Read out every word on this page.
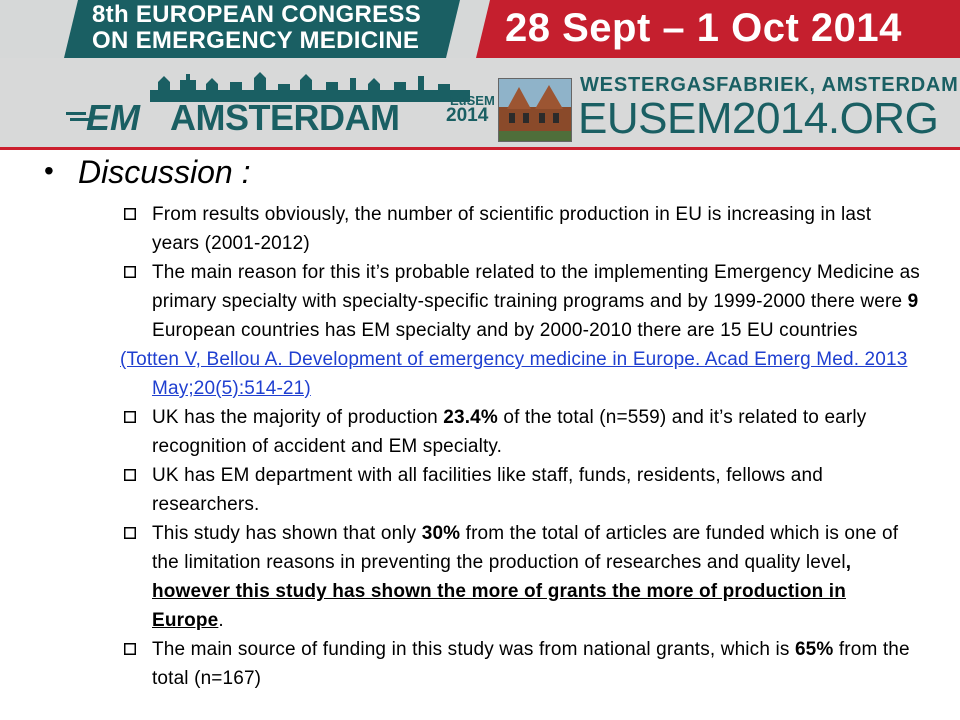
8th EUROPEAN CONGRESS
ON EMERGENCY MEDICINE	28 Sept – 1 Oct 2014
EM AMSTERDAM	EuSEM
2014
WESTERGASFABRIEK, AMSTERDAM
EUSEM2014.ORG
• Discussion :
From results obviously, the number of scientific production in EU is increasing in last years (2001-2012)
The main reason for this it’s probable related to the implementing Emergency Medicine as primary specialty with specialty-specific training programs and by 1999-2000 there were 9 European countries has EM specialty and by 2000-2010 there are 15 EU countries
(Totten V, Bellou A. Development of emergency medicine in Europe. Acad Emerg Med. 2013 May;20(5):514-21)
UK has the majority of production 23.4% of the total (n=559) and it’s related to early recognition of accident and EM specialty.
UK has EM department with all facilities like staff, funds, residents, fellows and researchers.
This study has shown that only 30% from the total of articles are funded which is one of the limitation reasons in preventing the production of researches and quality level, however this study has shown the more of grants the more of production in Europe.
The main source of funding in this study was from national grants, which is 65% from the total (n=167)
